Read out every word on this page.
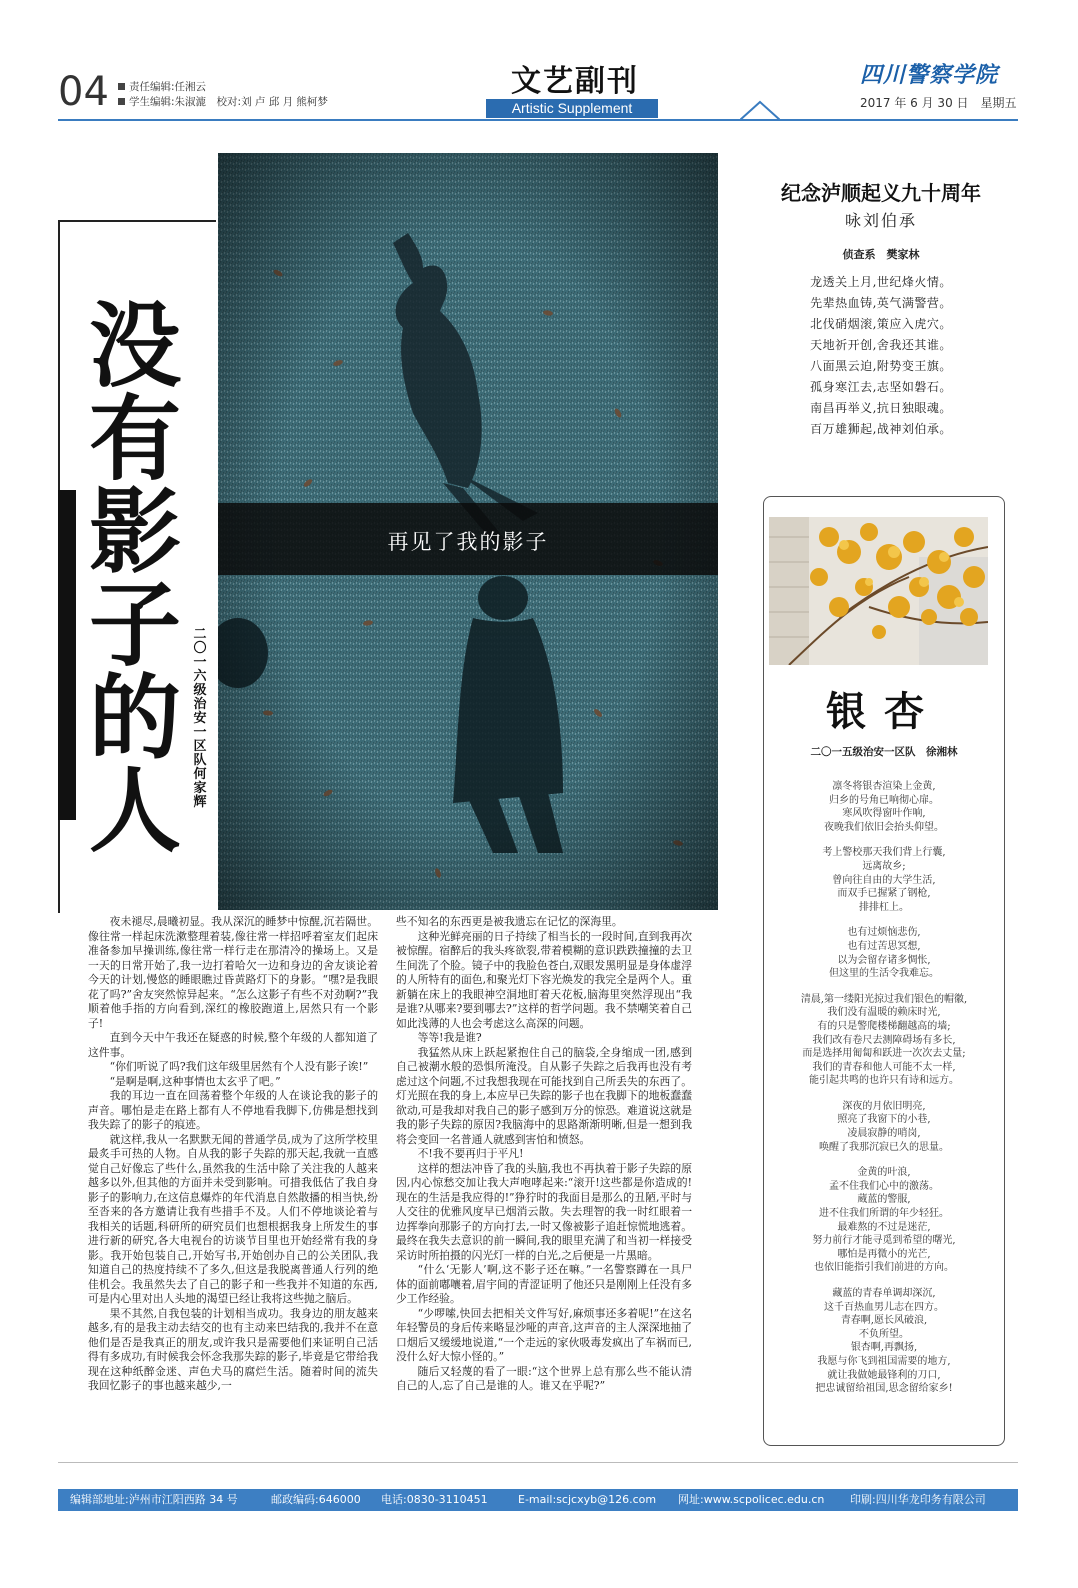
04	责任编辑:任湘云
学生编辑:朱淑漉　校对:刘 卢 邱 月 熊柯梦
文艺副刊
Artistic Supplement
四川警察学院
2017 年 6 月 30 日　星期五
没
有
影
子
的
人
二〇一六级治安一区队 何家辉
再见了我的影子

夜未褪尽,晨曦初显。我从深沉的睡梦中惊醒,沉若隔世。像往常一样起床洗漱整理着装,像往常一样招呼着室友们起床准备参加早操训练,像往常一样行走在那清冷的操场上。又是一天的日常开始了,我一边打着哈欠一边和身边的舍友谈论着今天的计划,慢悠的睡眼瞧过昏黄路灯下的身影。“嘿?是我眼花了吗?”舍友突然惊异起来。“怎么这影子有些不对劲啊?”我顺着他手指的方向看到,深红的橡胶跑道上,居然只有一个影子!

直到今天中午我还在疑惑的时候,整个年级的人都知道了这件事。

“你们听说了吗?我们这年级里居然有个人没有影子诶!”

“是啊是啊,这种事情也太玄乎了吧。”

我的耳边一直在回荡着整个年级的人在谈论我的影子的声音。哪怕是走在路上都有人不停地看我脚下,仿佛是想找到我失踪了的影子的痕迹。

就这样,我从一名默默无闻的普通学员,成为了这所学校里最炙手可热的人物。自从我的影子失踪的那天起,我就一直感觉自己好像忘了些什么,虽然我的生活中除了关注我的人越来越多以外,但其他的方面并未受到影响。可措我低估了我自身影子的影响力,在这信息爆炸的年代消息自然散播的相当快,纷至沓来的各方邀请让我有些措手不及。人们不停地谈论着与我相关的话题,科研所的研究员们也想根据我身上所发生的事进行新的研究,各大电视台的访谈节目里也开始经常有我的身影。我开始包装自己,开始写书,开始创办自己的公关团队,我知道自己的热度持续不了多久,但这是我脱离普通人行列的绝佳机会。我虽然失去了自己的影子和一些我并不知道的东西,可是内心里对出人头地的渴望已经让我将这些抛之脑后。

果不其然,自我包装的计划相当成功。我身边的朋友越来越多,有的是我主动去结交的也有主动来巴结我的,我并不在意他们是否是我真正的朋友,或许我只是需要他们来证明自己活得有多成功,有时候我会怀念我那失踪的影子,毕竟是它带给我现在这种纸醉金迷、声色犬马的腐烂生活。随着时间的流失我回忆影子的事也越来越少,一

些不知名的东西更是被我遗忘在记忆的深海里。

这种光鲜亮丽的日子持续了相当长的一段时间,直到我再次被惊醒。宿醉后的我头疼欲裂,带着模糊的意识跌跌撞撞的去卫生间洗了个脸。镜子中的我脸色苍白,双眼发黑明显是身体虚浮的人所特有的面色,和聚光灯下容光焕发的我完全是两个人。重新躺在床上的我眼神空洞地盯着天花板,脑海里突然浮现出“我是谁?从哪来?要到哪去?”这样的哲学问题。我不禁嘲笑着自己如此浅薄的人也会考虑这么高深的问题。

等等!我是谁?

我猛然从床上跃起紧抱住自己的脑袋,全身缩成一团,感到自己被潮水般的恐惧所淹没。自从影子失踪之后我再也没有考虑过这个问题,不过我想我现在可能找到自己所丢失的东西了。灯光照在我的身上,本应早已失踪的影子也在我脚下的地板蠢蠢欲动,可是我却对我自己的影子感到万分的惊恐。难道说这就是我的影子失踪的原因?我脑海中的思路渐渐明晰,但是一想到我将会变回一名普通人就感到害怕和愤怒。

不!我不要再归于平凡!

这样的想法冲昏了我的头脑,我也不再执着于影子失踪的原因,内心惊愁交加让我大声咆哮起来:“滚开!这些都是你造成的!现在的生活是我应得的!”狰狞时的我面目是那么的丑陋,平时与人交往的优雅风度早已烟消云散。失去理智的我一时红眼着一边挥拳向那影子的方向打去,一时又像被影子追赶惊慌地逃着。最终在我失去意识的前一瞬间,我的眼里充满了和当初一样接受采访时所拍摄的闪光灯一样的白光,之后便是一片黑暗。

“什么‘无影人’啊,这不影子还在嘛。”一名警察蹲在一具尸体的面前嘟嚷着,眉宇间的青涩证明了他还只是刚刚上任没有多少工作经验。

“少啰嗦,快回去把相关文件写好,麻烦事还多着呢!”在这名年轻警员的身后传来略显沙哑的声音,这声音的主人深深地抽了口烟后又缓缓地说道,“一个走远的家伙吸毒发疯出了车祸而已,没什么好大惊小怪的。”

随后又轻蔑的看了一眼:“这个世界上总有那么些不能认清自己的人,忘了自己是谁的人。谁又在乎呢?”

纪念泸顺起义九十周年
咏刘伯承
侦查系　樊家林
龙透关上月,世纪烽火情。
先辈热血铸,英气满警营。
北伐硝烟滚,策应入虎穴。
天地祈开创,舍我还其谁。
八面黑云迫,附势变王旗。
孤身寒江去,志坚如磐石。
南昌再举义,抗日独眼魂。
百万雄狮起,战神刘伯承。
银杏
二〇一五级治安一区队　徐湘林
凛冬将银杏渲染上金黄,
归乡的号角已响彻心扉。
寒风吹得窗叶作响,
夜晚我们依旧会抬头仰望。
考上警校那天我们背上行囊,
远离故乡;
曾向往自由的大学生活,
而双手已握紧了钢枪,
排排杠上。
也有过烦恼悲伤,
也有过苦思冥想,
以为会留存诸多惆怅,
但这里的生活令我难忘。
清晨,第一缕阳光掠过我们银色的帽徽,
我们没有温暖的赖床时光,
有的只是警爬楼梯翻越高的墙;
我们改有卷尺去测障碍场有多长,
而是选择用匍匐和跃进一次次去丈量;
我们的青春和他人可能不太一样,
能引起共鸣的也许只有诗和远方。
深夜的月依旧明亮,
照亮了我窗下的小巷,
凌晨寂静的哨岗,
唤醒了我那沉寂已久的思量。
金黄的叶浪,
孟不住我们心中的激荡。
蔵蓝的警服,
进不住我们所谓的年少轻狂。
最难熬的不过是迷茫,
努力前行才能寻觅到希望的曙光,
哪怕是再微小的光芒,
也依旧能指引我们前进的方向。
藏蓝的青春单调却深沉,
这千百热血男儿志在四方。
青春啊,愿长风破浪,
不负所望。
银杏啊,再飘扬,
我愿与你飞到祖国需要的地方,
就让我做她最锋利的刀口,
把忠诚留给祖国,思念留给家乡!
编辑部地址:泸州市江阳西路 34 号	邮政编码:646000 电话:0830-3110451	E-mail:scjcxyb@126.com 网址:www.scpolicec.edu.cn 印刷:四川华龙印务有限公司
